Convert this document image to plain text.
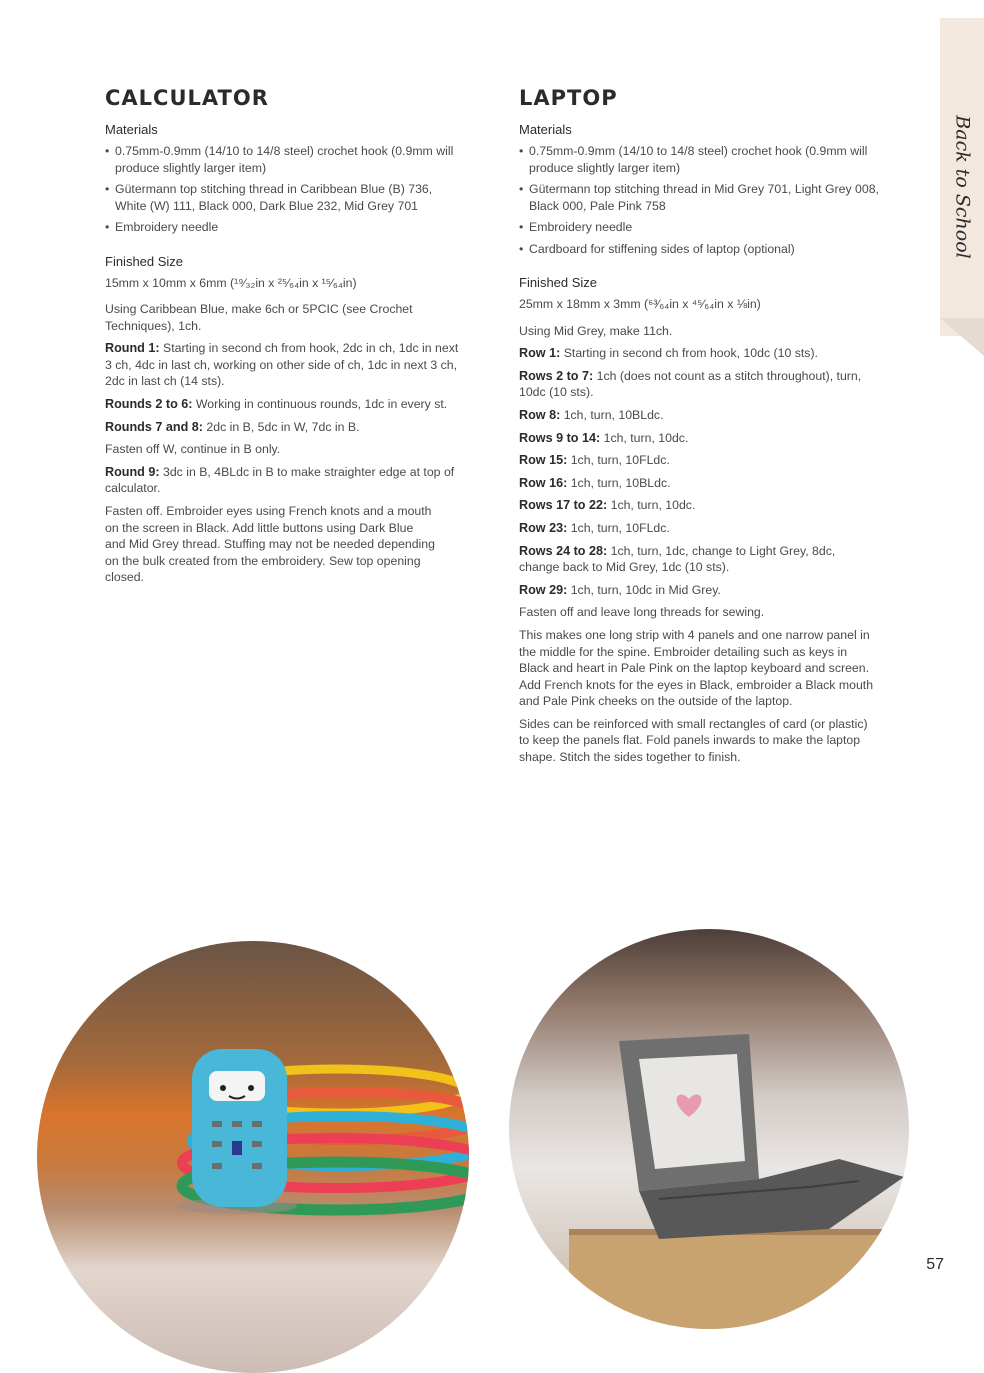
Back to School
CALCULATOR
Materials
• 0.75mm-0.9mm (14/10 to 14/8 steel) crochet hook (0.9mm will produce slightly larger item)
• Gütermann top stitching thread in Caribbean Blue (B) 736, White (W) 111, Black 000, Dark Blue 232, Mid Grey 701
• Embroidery needle
Finished Size

15mm x 10mm x 6mm (¹⁹⁄₃₂in x ²⁵⁄₆₄in x ¹⁵⁄₆₄in)

Using Caribbean Blue, make 6ch or 5PCIC (see Crochet Techniques), 1ch.

Round 1: Starting in second ch from hook, 2dc in ch, 1dc in next 3 ch, 4dc in last ch, working on other side of ch, 1dc in next 3 ch, 2dc in last ch (14 sts).

Rounds 2 to 6: Working in continuous rounds, 1dc in every st.

Rounds 7 and 8: 2dc in B, 5dc in W, 7dc in B.

Fasten off W, continue in B only.

Round 9: 3dc in B, 4BLdc in B to make straighter edge at top of calculator.

Fasten off. Embroider eyes using French knots and a mouth on the screen in Black. Add little buttons using Dark Blue and Mid Grey thread. Stuffing may not be needed depending on the bulk created from the embroidery. Sew top opening closed.

LAPTOP
Materials
• 0.75mm-0.9mm (14/10 to 14/8 steel) crochet hook (0.9mm will produce slightly larger item)
• Gütermann top stitching thread in Mid Grey 701, Light Grey 008, Black 000, Pale Pink 758
• Embroidery needle
• Cardboard for stiffening sides of laptop (optional)
Finished Size

25mm x 18mm x 3mm (⁶³⁄₆₄in x ⁴⁵⁄₆₄in x ⅛in)

Using Mid Grey, make 11ch.

Row 1: Starting in second ch from hook, 10dc (10 sts).

Rows 2 to 7: 1ch (does not count as a stitch throughout), turn, 10dc (10 sts).

Row 8: 1ch, turn, 10BLdc.

Rows 9 to 14: 1ch, turn, 10dc.

Row 15: 1ch, turn, 10FLdc.

Row 16: 1ch, turn, 10BLdc.

Rows 17 to 22: 1ch, turn, 10dc.

Row 23: 1ch, turn, 10FLdc.

Rows 24 to 28: 1ch, turn, 1dc, change to Light Grey, 8dc, change back to Mid Grey, 1dc (10 sts).

Row 29: 1ch, turn, 10dc in Mid Grey.

Fasten off and leave long threads for sewing.

This makes one long strip with 4 panels and one narrow panel in the middle for the spine. Embroider detailing such as keys in Black and heart in Pale Pink on the laptop keyboard and screen. Add French knots for the eyes in Black, embroider a Black mouth and Pale Pink cheeks on the outside of the laptop.

Sides can be reinforced with small rectangles of card (or plastic) to keep the panels flat. Fold panels inwards to make the laptop shape. Stitch the sides together to finish.

57
